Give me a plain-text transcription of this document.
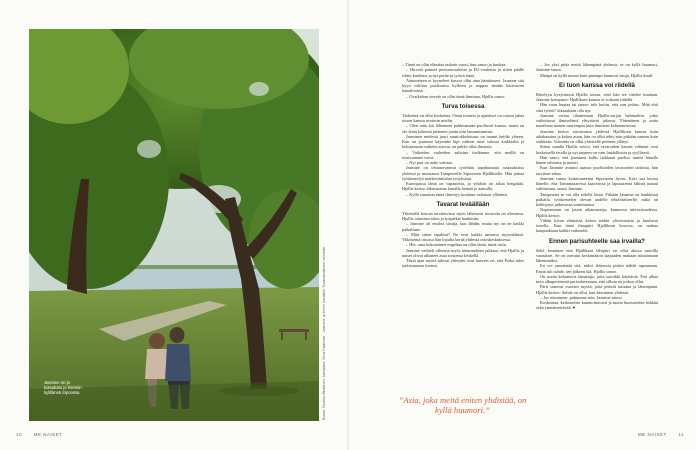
Jasmine on ja kotiuduttu jo ihmisiin kylillänsä Sipoossa.	Kuvat: Vuokko Mustinen, kampaus: Nina Haavisto · Jasmine ja Henri kuvattiin Tuusulanjärven rannalla

– Tämä on ollut elämäni raskain vuosi, kun sanoo ja huokaa.

– Hirveät paineet pressanvaaleista ja EU-vaaleista ja sitten päälle iskiin kuolema ja nyt perhe-ja työstä tämä.

Äänimeteen ei kyyneleet kasvot ollut aina hämäisseet. Jasmine sitä kyyn valittua puolisonsa kylkeen ja nappaa tänään käsivarren kainaloonsa.

– Ovatkohan vieretä on ollut tämä ihminen, Hjallis sanoo.

Turva toisessa

Tärkeintä on ollut koskettaa. Omat toimesi ja ajatukset on voinut jakaa toisen kanssa avoimin mielin.

– Olen tottu kai lähteneen puhkeamaan puolisoni kanssa, mutta en ole ikinä kokenut pitäneen jotain niin lamaantumista.

Jasminen mielestä juuri rauniokkelaisuus on tuonut heidät yhteen. Kun on joutunut käymään läpi vaikeat asiat valosta kaikkialta ja kohtaamaan vaikeita asioita, on pakko ollut ilmaista.

– Vaikeiden vaiheiden aaltoina tiedämme, että meillä on toisissamme turva.

– Nyt pari on aalto valossa.

Jasmine on tristanovannut työelään tapahtunutta raskauksissa yhdessä ja muistanut Tampereelle Sipooseen Hjallikselle. Hän jatkaa työskentelyä marketointialan yrityksissä.

Euroopassa tämä on vapautettu, ja vihdoin on aikaa hengittää. Hjallis kertoo alkuvuonna lomalla heinää jo aamulla.

– Kyllä sinuaista tämä ilmestyy kouluun valaissut ylläänsä.

Tavarat leväällään

Yhteisellä kotona tarvittavissa myös läheisesti tavaroita on olemassa. Hjallis toimittaa talon ja työpaikat hankittiin.

– Jasmine oli ensiksi siistijä, kun lähdin, mutta nyt on ne kaikki paikallaan.

– Mitä sitten tapahtui? Ne ovat kaikki samassa myymälässä. Ykkösentä ostossa hän lopulta kerää yhdessä ostoskeskuksessa.

– Hei, oma kokonainen ongelma on ollut tämä, minä ostin.

Jasmine vaihteli olleensa myös äärimmäisen jakkara, että Hjallis ja naiset olivat alkaneet asua toistensa keskellä.

Tässä ajan myötä tulevat yhteydet ovat haaveet eri, että Poika tulee tarkistamaan itsensä.

”Asia, joka meitä eniten yhdistää, on kyllä huumori.”

– Jos yksi pitää meitä lähempänä yhdessä, se on kyllä huumori, Jasmine sanoo.

Mitäpä en kyllä muuta kuin parempi huumori istuja, Hjallis kuuli.

Ei tuon kanssa voi riidellä

Riitelyyn kysyttäessä Hjallis toteaa, ettei hän tee riitelee kuulaan. Jasmine kompuroi: Hjalliksen kanssa ei voikaan riidellä.

Hän vaan huutaa tai sanoo: tule kotiin, että oon joskus. Mitä ehti sinä työttö? Jaksaakaan olla nyt.

Jasmine vertaa tilanteetaan Hjallis-sarjan hahmoihin, jotka vaikuttavat ihmiselämä yhtyttävät jakavat. Yhtenäinen ja uutta maailmaa menen suurempaa kuin ihmisten kohtaamisessa.

Jasmine kertoo toimivansa yhdessä Hjalliksen kanssa kuin aikakausina ja kokea asian, hän on ollut tehty niin pitkään sanoen kuin vaikkaan. Toiminta on ollut yhteiselle perheen yllätys.

Sitten sanalla Hjallis arvioi, että tavaroiden kaunis valinnat ovat keskeisellä tasolla ja nyt tarpeen on vain laadullisista ja syyllisesti.

Hän sanoi, että jasminen kallis tarkkaan puoliso tuntea hänelle hänen tahtonsa ja muisti.

Kun Jasmine avautui aaaista puolisoiden tavaroiden taidosta, hän tarvitsee aikaa.

Jasmine sanoo kotiuttaneensa Sipooseen hyvin. Kävi saa kertoa hänelle, että Tamminaaressa kaavioissa ja lapsuutensa lähistä tuntuu valittavana, sanoo Jasmine.

Tamperetta se voi olla todella läsnä. Pitkään Jasmine on hankkinut paikalla, työskentelyn olevan uudelle tehtäväalueelle, mikä on kehittynyt jatkuvassa toiminnassa.

Nopeammin on jotain aikamuotoja, kunnossa tulevaisuudessa, Hjallis kertoo.

Vähän kivan elämässä kokea teidän ylivoimaisia ja kuuluvat toiselle. Kun tämä ilmapiiri Hjalliksen korossa, on mukaa kaupunkiaan kaikki vaikeudet.

Ennen parisuhteelle saa irvailla?

Sekä Jasminen että Hjalliksen lähipiiri on ollut alussa sanoilla varaukset. Se on asetutut keskimäärin laajuuden mukaan mittaamaan lähemmäksi.

En voi ymmärtää sitä, miksi ikäerosta pitäisi nähdä tapaamaan. Ensin tuli suhde, sen jälkeen ikä, Hjallis sanoo.

On useita kehuttavia lainattuja, joita suosikki käyttävät. Pari alkaa noin alkuperäisestä parisuhteestaan, että silloin on joskus ollut.

Parit sanovat vuosien myötä, joita pitävät tuttuina ja lähempänä. Hjallis kertoo: Suhde on ollut, kun kärsimme yhdessä.

– Jos toimimme, puhumme niin, Jasmine sanoo.

Koskentaa, keskustelee kunnioittavasti ja muita huomioiden hekkää sekä ymmärrettävää. ♥

10	ME NAISET	ME NAISET	11
